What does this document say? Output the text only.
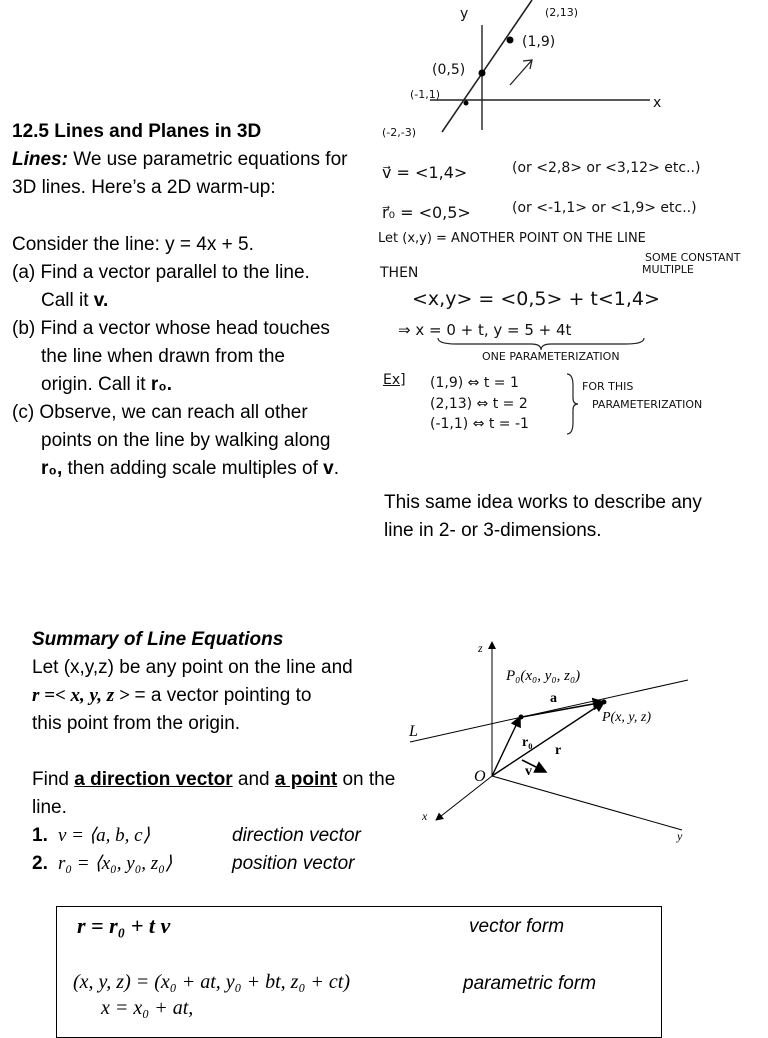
y
x
(2,13)
(1,9)
(0,5)
(-1,1)
(-2,-3)
v⃗ = <1,4>	(or <2,8> or <3,12> etc..)
r⃗₀ = <0,5>	(or <-1,1> or <1,9> etc..)
Let (x,y) = ANOTHER POINT ON THE LINE
SOME CONSTANT
MULTIPLE
THEN
<x,y> = <0,5> + t<1,4>
⇒ x = 0 + t, y = 5 + 4t
ONE PARAMETERIZATION
Ex] (1,9) ⇔ t = 1
(2,13) ⇔ t = 2
(-1,1) ⇔ t = -1
FOR THIS
PARAMETERIZATION
12.5 Lines and Planes in 3D
Lines: We use parametric equations for 3D lines. Here’s a 2D warm-up:
Consider the line: y = 4x + 5.
(a) Find a vector parallel to the line.
Call it v.
(b) Find a vector whose head touches
the line when drawn from the
origin. Call it r₀.
(c) Observe, we can reach all other
points on the line by walking along
r₀, then adding scale multiples of v.
This same idea works to describe any line in 2- or 3-dimensions.
Summary of Line Equations
Let (x,y,z) be any point on the line and
r =< x, y, z > = a vector pointing to
this point from the origin.
Find a direction vector and a point on the line.
1. v = ⟨a, b, c⟩	direction vector
2. r₀ = ⟨x₀, y₀, z₀⟩	position vector
z
x
y
L
O
P₀(x₀, y₀, z₀)
P(x, y, z)
a
r₀
r
v
r = r₀ + t v	vector form
(x, y, z) = (x₀ + at, y₀ + bt, z₀ + ct)	parametric form
x = x₀ + at,
